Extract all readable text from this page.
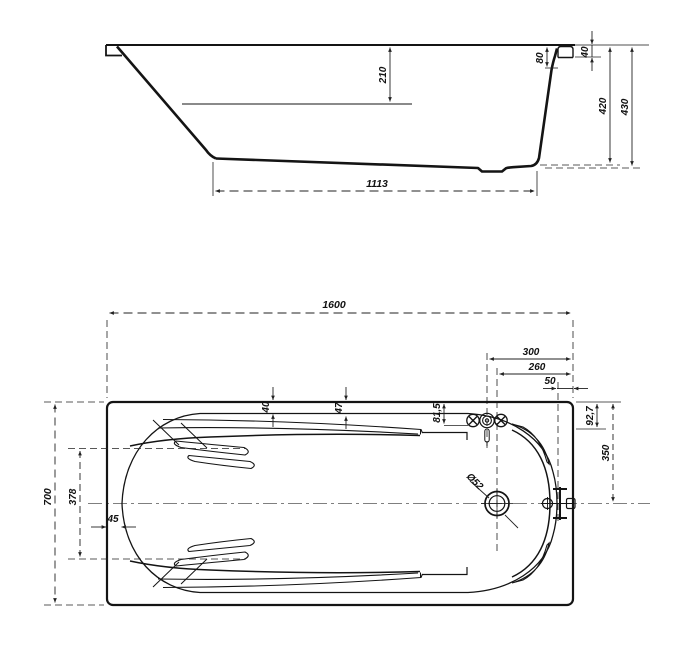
210
80
40
420 430
1113
Ø52
1600
300
260
50
40	47	81,5	92,7
350
700 378
45
